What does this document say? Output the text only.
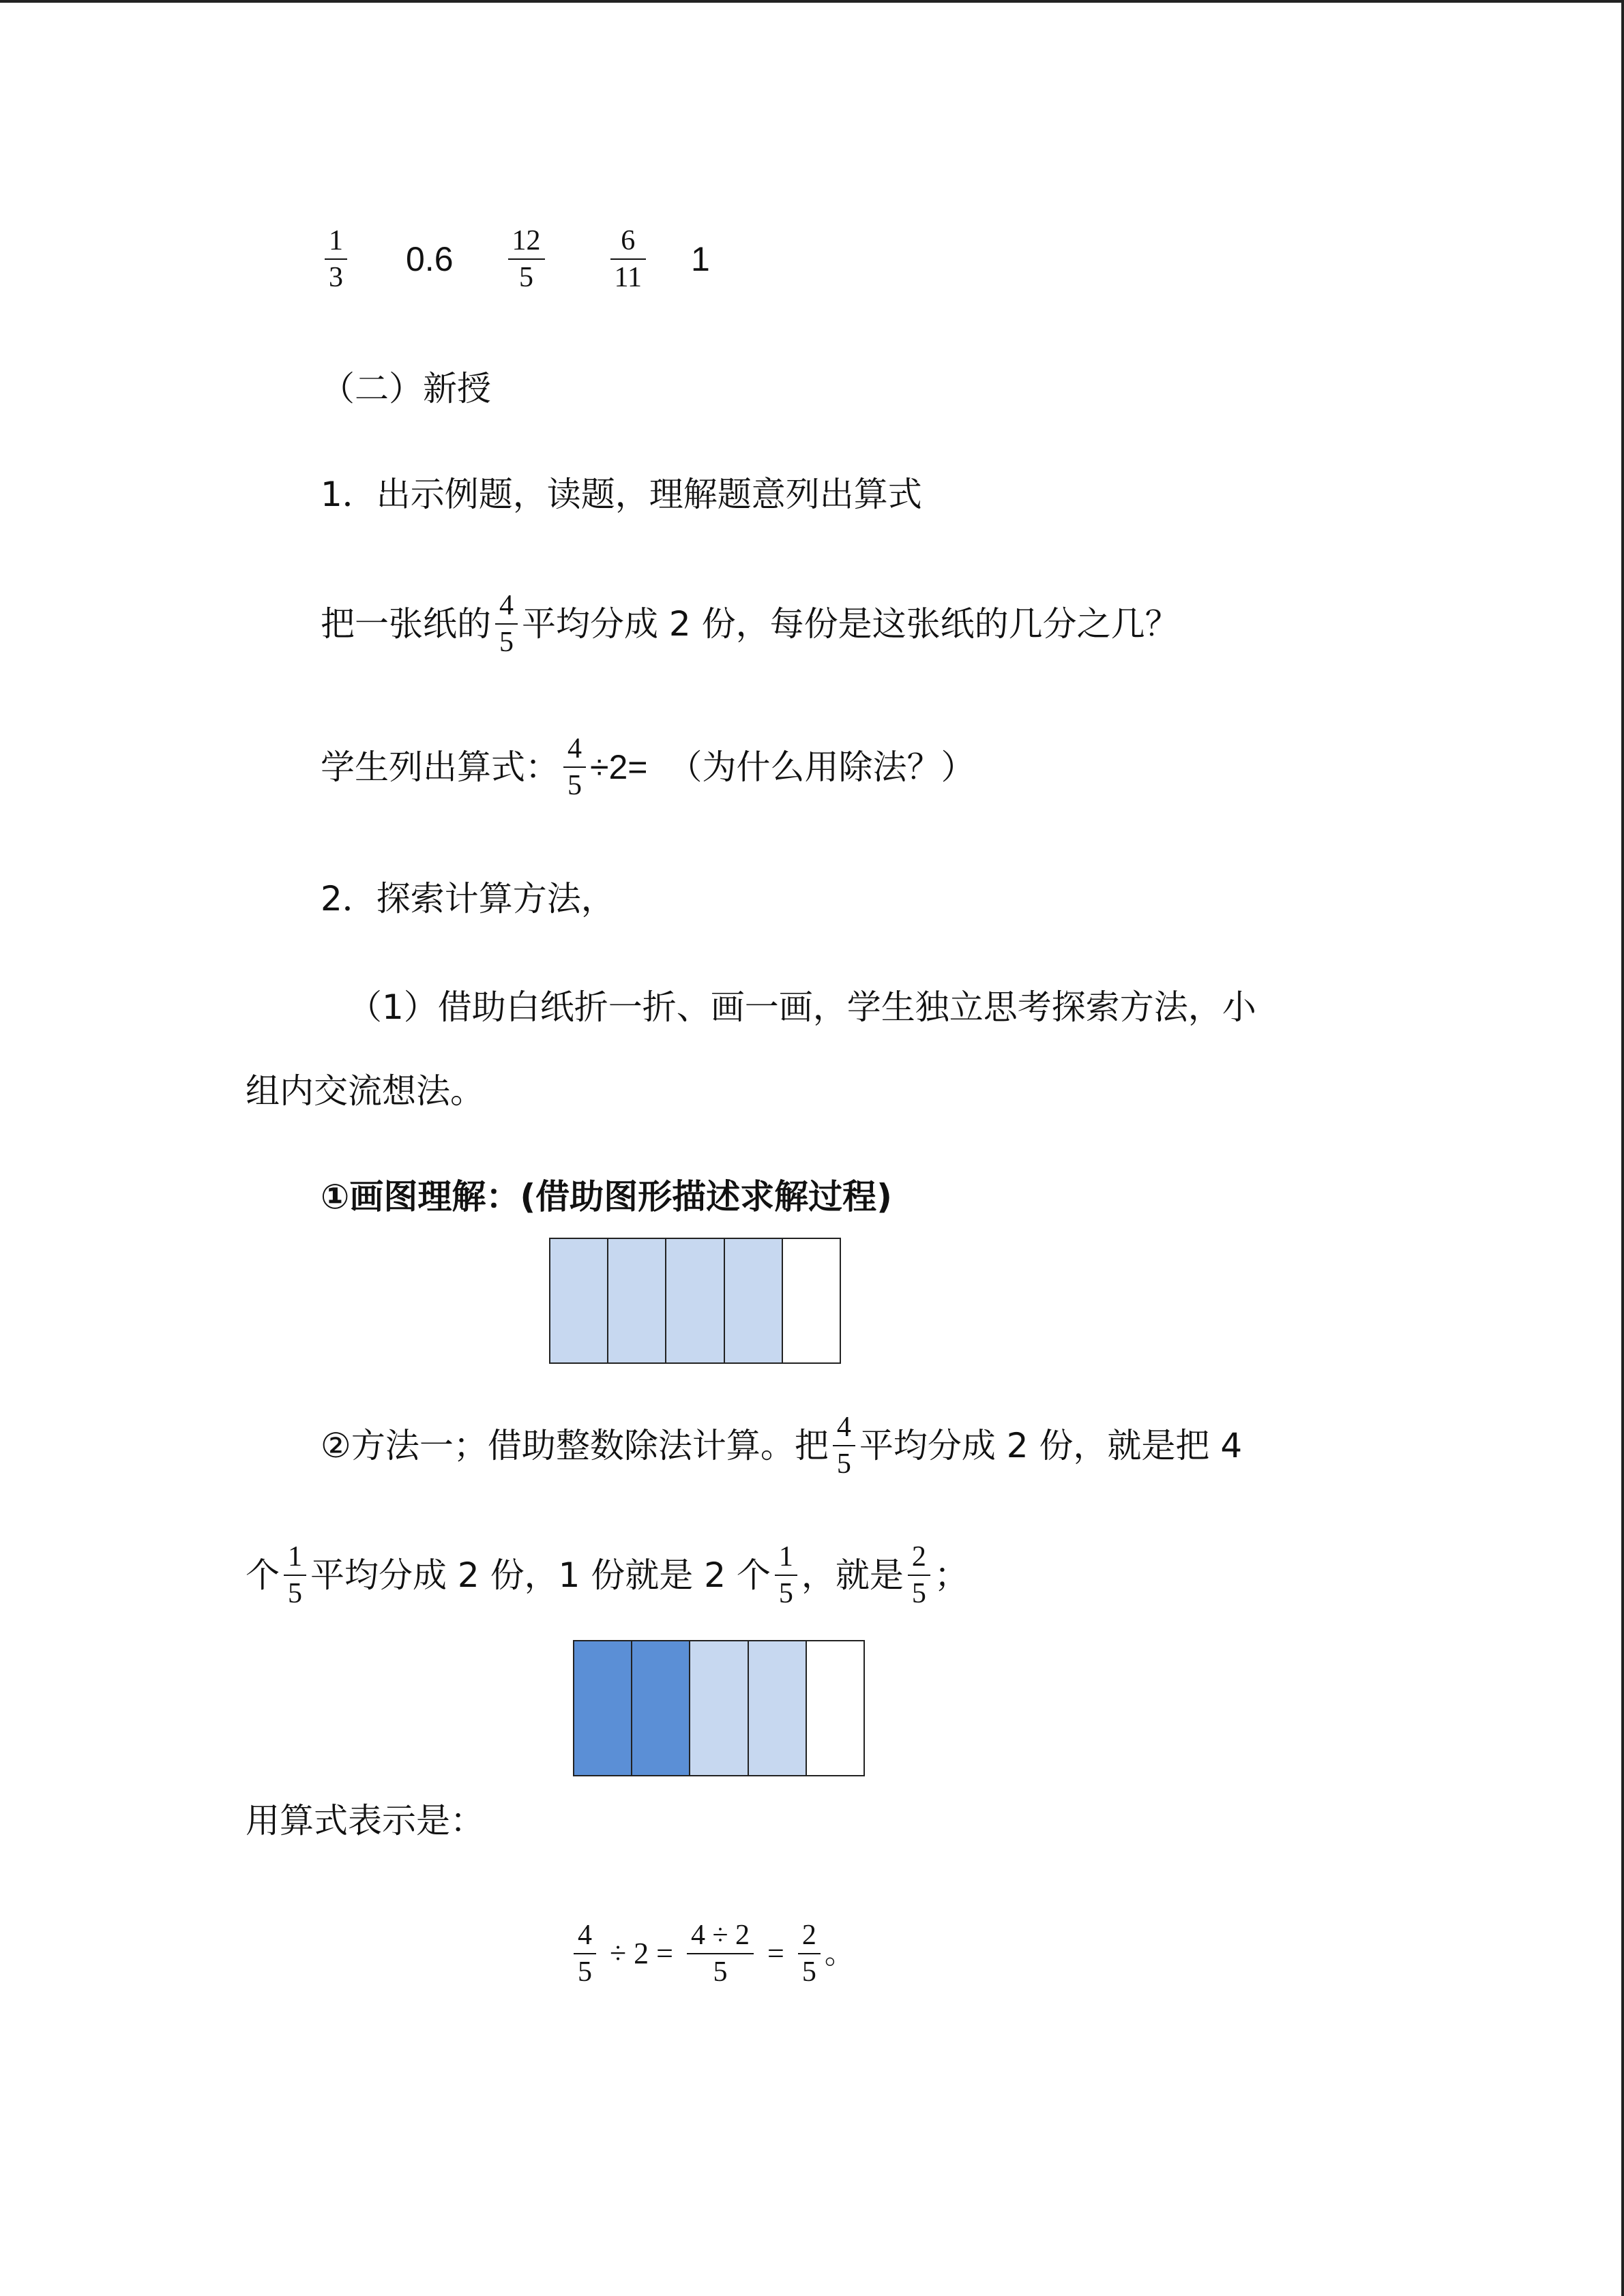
$\frac{1}{3} 0.6 \frac{12}{5} \frac{6}{11} 1$
（二）新授
1．出示例题，读题，理解题意列出算式
把一张纸的 $\frac{4}{5}$ 平均分成 2 份，每份是这张纸的几分之几？
学生列出算式： $\frac{4}{5} \div 2=$ （为什么用除法？）
2．探索计算方法，
（1）借助白纸折一折、画一画，学生独立思考探索方法，小
组内交流想法。
①画图理解：(借助图形描述求解过程)
②方法一；借助整数除法计算。把 $\frac{4}{5}$ 平均分成 2 份，就是把 4
个 $\frac{1}{5}$ 平均分成 2 份，1 份就是 2 个 $\frac{1}{5}$ ，就是 $\frac{2}{5}$ ；
用算式表示是：
$\frac{4}{5} \div 2 = \frac{4 \div 2}{5} = \frac{2}{5}$ 。
